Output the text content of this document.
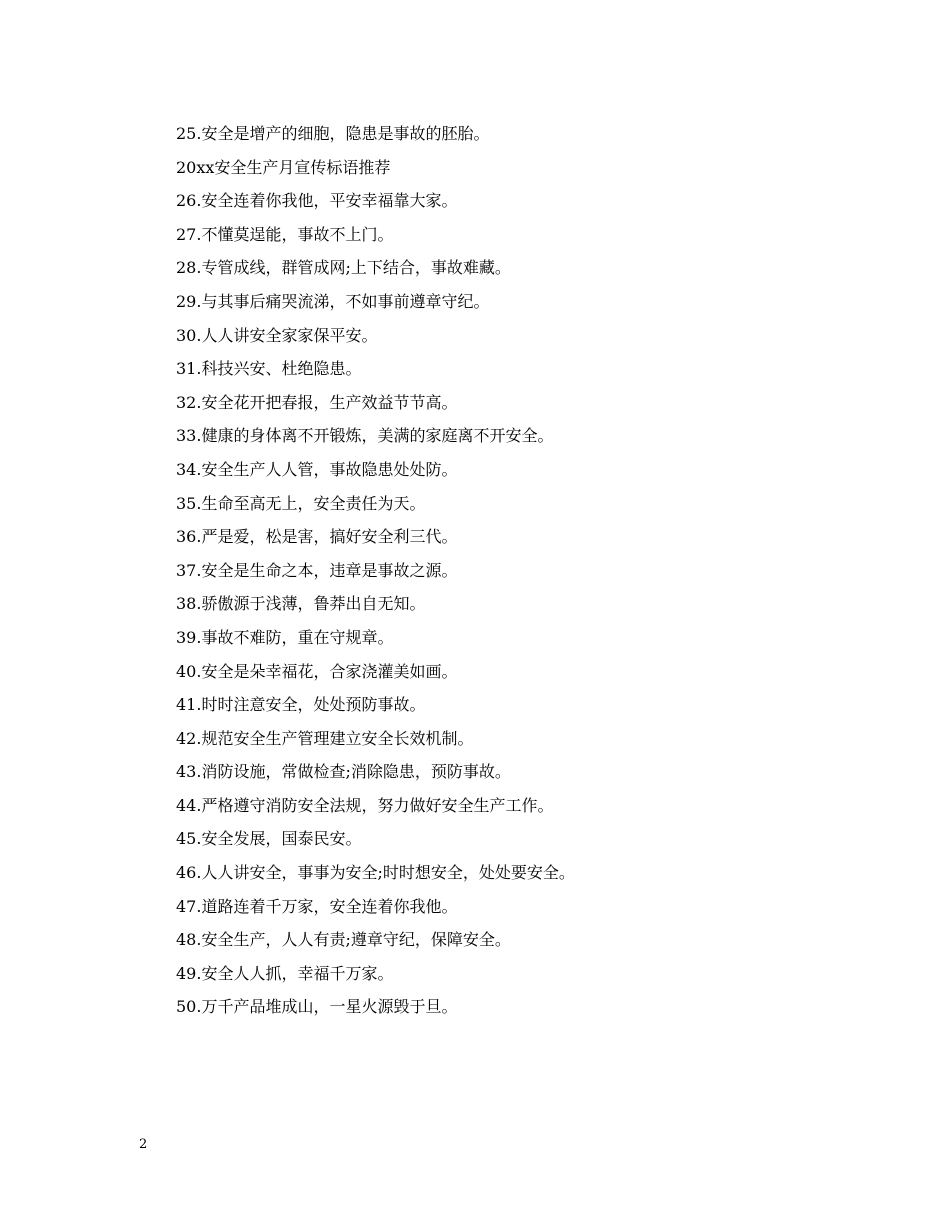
25.安全是增产的细胞，隐患是事故的胚胎。
20xx安全生产月宣传标语推荐
26.安全连着你我他，平安幸福靠大家。
27.不懂莫逞能，事故不上门。
28.专管成线，群管成网;上下结合，事故难藏。
29.与其事后痛哭流涕，不如事前遵章守纪。
30.人人讲安全家家保平安。
31.科技兴安、杜绝隐患。
32.安全花开把春报，生产效益节节高。
33.健康的身体离不开锻炼，美满的家庭离不开安全。
34.安全生产人人管，事故隐患处处防。
35.生命至高无上，安全责任为天。
36.严是爱，松是害，搞好安全利三代。
37.安全是生命之本，违章是事故之源。
38.骄傲源于浅薄，鲁莽出自无知。
39.事故不难防，重在守规章。
40.安全是朵幸福花，合家浇灌美如画。
41.时时注意安全，处处预防事故。
42.规范安全生产管理建立安全长效机制。
43.消防设施，常做检查;消除隐患，预防事故。
44.严格遵守消防安全法规，努力做好安全生产工作。
45.安全发展，国泰民安。
46.人人讲安全，事事为安全;时时想安全，处处要安全。
47.道路连着千万家，安全连着你我他。
48.安全生产，人人有责;遵章守纪，保障安全。
49.安全人人抓，幸福千万家。
50.万千产品堆成山，一星火源毁于旦。
2
